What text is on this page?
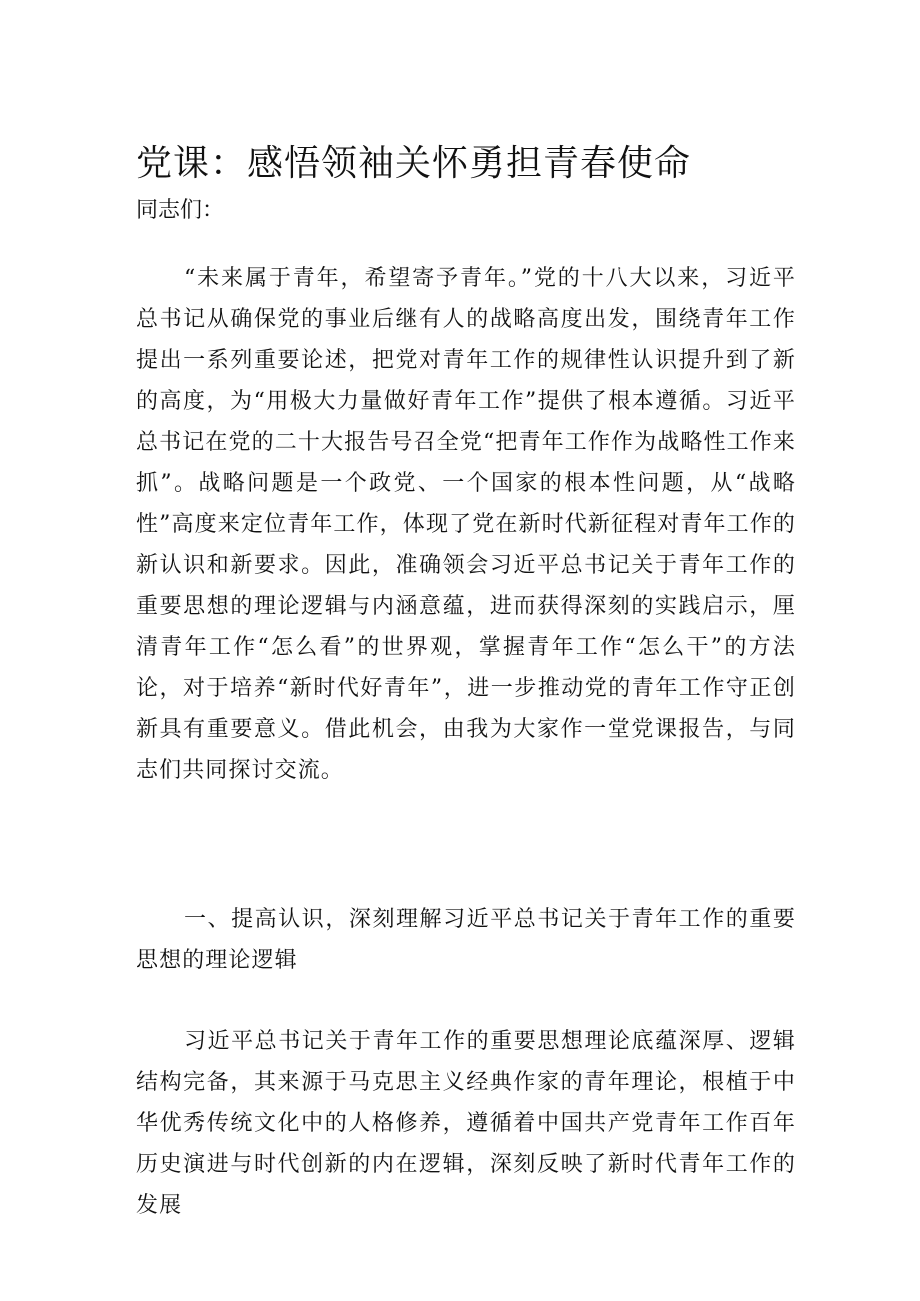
党课：感悟领袖关怀勇担青春使命

同志们：

“未来属于青年，希望寄予青年。”党的十八大以来，习近平总书记从确保党的事业后继有人的战略高度出发，围绕青年工作提出一系列重要论述，把党对青年工作的规律性认识提升到了新的高度，为“用极大力量做好青年工作”提供了根本遵循。习近平总书记在党的二十大报告号召全党“把青年工作作为战略性工作来抓”。战略问题是一个政党、一个国家的根本性问题，从“战略性”高度来定位青年工作，体现了党在新时代新征程对青年工作的新认识和新要求。因此，准确领会习近平总书记关于青年工作的重要思想的理论逻辑与内涵意蕴，进而获得深刻的实践启示，厘清青年工作“怎么看”的世界观，掌握青年工作“怎么干”的方法论，对于培养“新时代好青年”，进一步推动党的青年工作守正创新具有重要意义。借此机会，由我为大家作一堂党课报告，与同志们共同探讨交流。

一、提高认识，深刻理解习近平总书记关于青年工作的重要思想的理论逻辑

习近平总书记关于青年工作的重要思想理论底蕴深厚、逻辑结构完备，其来源于马克思主义经典作家的青年理论，根植于中华优秀传统文化中的人格修养，遵循着中国共产党青年工作百年历史演进与时代创新的内在逻辑，深刻反映了新时代青年工作的发展
